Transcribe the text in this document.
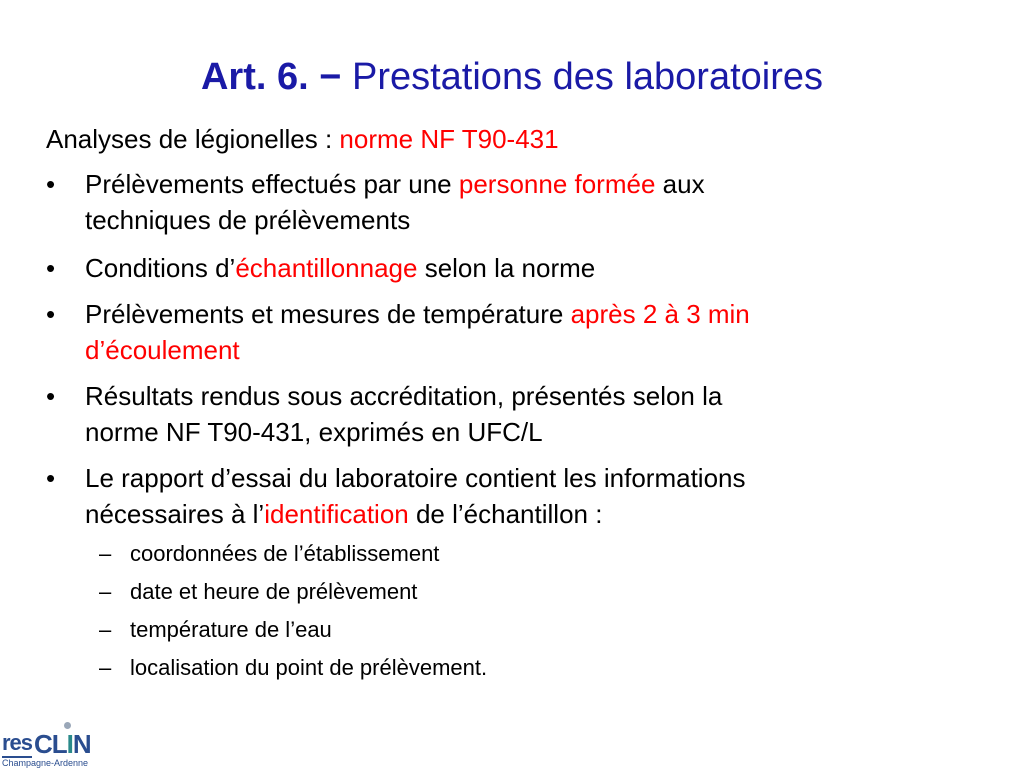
Art. 6. − Prestations des laboratoires
Analyses de légionelles : norme NF T90-431
• Prélèvements effectués par une personne formée aux
techniques de prélèvements
• Conditions d’échantillonnage selon la norme
• Prélèvements et mesures de température après 2 à 3 min
d’écoulement
• Résultats rendus sous accréditation, présentés selon la
norme NF T90-431, exprimés en UFC/L
• Le rapport d’essai du laboratoire contient les informations
nécessaires à l’identification de l’échantillon :
– coordonnées de l’établissement
– date et heure de prélèvement
– température de l’eau
– localisation du point de prélèvement.
res CLIN
Champagne-Ardenne
